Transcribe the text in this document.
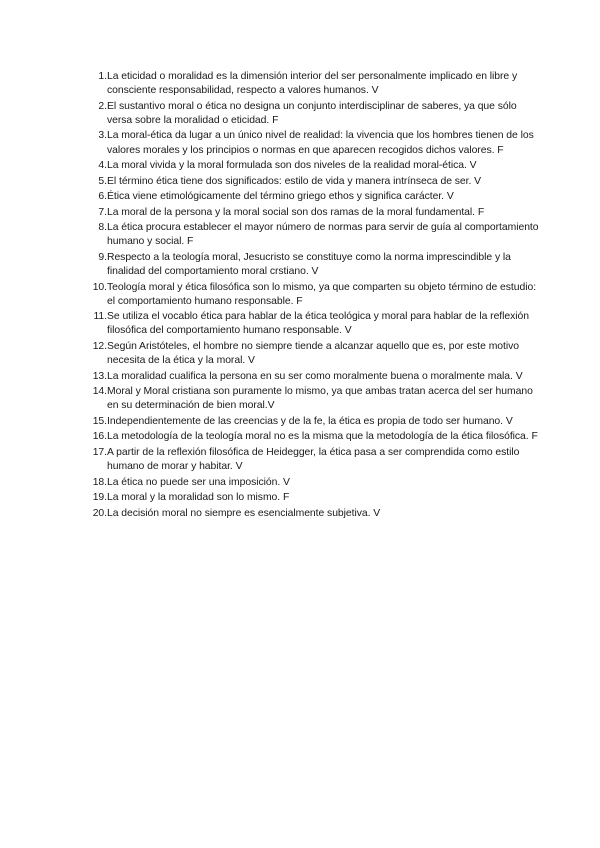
1. La eticidad o moralidad es la dimensión interior del ser personalmente implicado en libre y consciente responsabilidad, respecto a valores humanos. V
2. El sustantivo moral o ética no designa un conjunto interdisciplinar de saberes, ya que sólo versa sobre la moralidad o eticidad. F
3. La moral-ética da lugar a un único nivel de realidad: la vivencia que los hombres tienen de los valores morales y los principios o normas en que aparecen recogidos dichos valores. F
4. La moral vivida y la moral formulada son dos niveles de la realidad moral-ética. V
5. El término ética tiene dos significados: estilo de vida y manera intrínseca de ser. V
6. Ética viene etimológicamente del término griego ethos y significa carácter. V
7. La moral de la persona y la moral social son dos ramas de la moral fundamental. F
8. La ética procura establecer el mayor número de normas para servir de guía al comportamiento humano y social. F
9. Respecto a la teología moral, Jesucristo se constituye como la norma imprescindible y la finalidad del comportamiento moral crstiano. V
10. Teología moral y ética filosófica son lo mismo, ya que comparten su objeto término de estudio: el comportamiento humano responsable. F
11. Se utiliza el vocablo ética para hablar de la ética teológica y moral para hablar de la reflexión filosófica del comportamiento humano responsable. V
12. Según Aristóteles, el hombre no siempre tiende a alcanzar aquello que es, por este motivo necesita de la ética y la moral. V
13. La moralidad cualifica la persona en su ser como moralmente buena o moralmente mala. V
14. Moral y Moral cristiana son puramente lo mismo, ya que ambas tratan acerca del ser humano en su determinación de bien moral.V
15. Independientemente de las creencias y de la fe, la ética es propia de todo ser humano. V
16. La metodología de la teología moral no es la misma que la metodología de la ética filosófica. F
17. A partir de la reflexión filosófica de Heidegger, la ética pasa a ser comprendida como estilo humano de morar y habitar. V
18. La ética no puede ser una imposición. V
19. La moral y la moralidad son lo mismo. F
20. La decisión moral no siempre es esencialmente subjetiva. V
